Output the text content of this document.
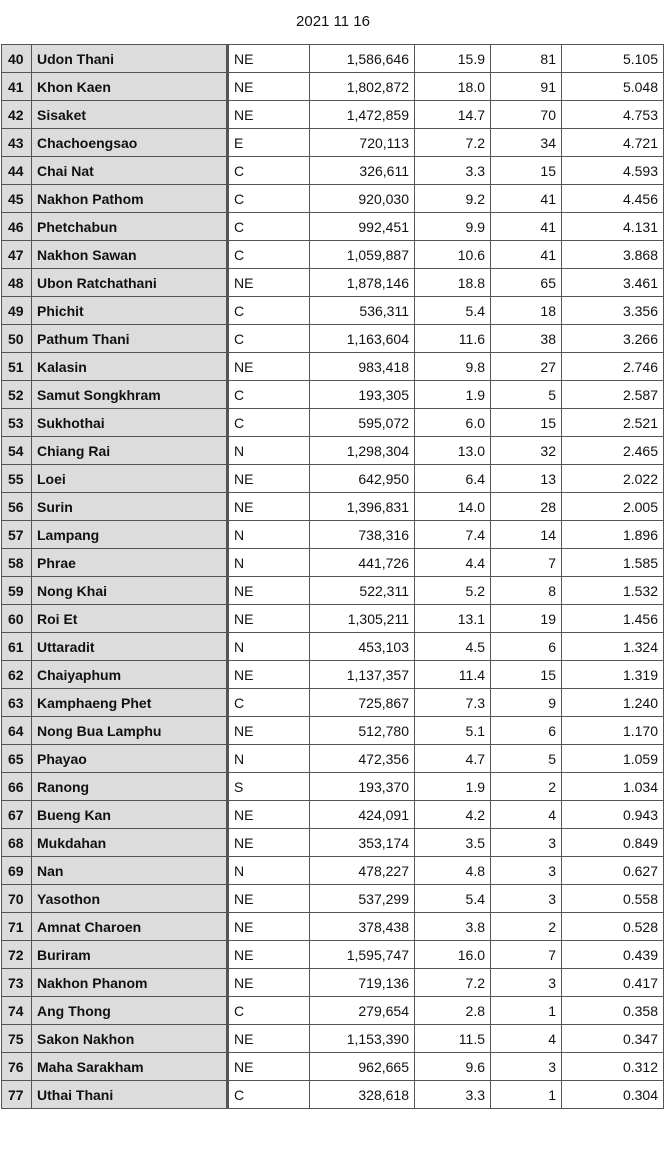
2021 11 16
40	Udon Thani	NE	1,586,646	15.9	81	5.105
41	Khon Kaen	NE	1,802,872	18.0	91	5.048
42	Sisaket	NE	1,472,859	14.7	70	4.753
43	Chachoengsao	E	720,113	7.2	34	4.721
44	Chai Nat	C	326,611	3.3	15	4.593
45	Nakhon Pathom	C	920,030	9.2	41	4.456
46	Phetchabun	C	992,451	9.9	41	4.131
47	Nakhon Sawan	C	1,059,887	10.6	41	3.868
48	Ubon Ratchathani	NE	1,878,146	18.8	65	3.461
49	Phichit	C	536,311	5.4	18	3.356
50	Pathum Thani	C	1,163,604	11.6	38	3.266
51	Kalasin	NE	983,418	9.8	27	2.746
52	Samut Songkhram	C	193,305	1.9	5	2.587
53	Sukhothai	C	595,072	6.0	15	2.521
54	Chiang Rai	N	1,298,304	13.0	32	2.465
55	Loei	NE	642,950	6.4	13	2.022
56	Surin	NE	1,396,831	14.0	28	2.005
57	Lampang	N	738,316	7.4	14	1.896
58	Phrae	N	441,726	4.4	7	1.585
59	Nong Khai	NE	522,311	5.2	8	1.532
60	Roi Et	NE	1,305,211	13.1	19	1.456
61	Uttaradit	N	453,103	4.5	6	1.324
62	Chaiyaphum	NE	1,137,357	11.4	15	1.319
63	Kamphaeng Phet	C	725,867	7.3	9	1.240
64	Nong Bua Lamphu	NE	512,780	5.1	6	1.170
65	Phayao	N	472,356	4.7	5	1.059
66	Ranong	S	193,370	1.9	2	1.034
67	Bueng Kan	NE	424,091	4.2	4	0.943
68	Mukdahan	NE	353,174	3.5	3	0.849
69	Nan	N	478,227	4.8	3	0.627
70	Yasothon	NE	537,299	5.4	3	0.558
71	Amnat Charoen	NE	378,438	3.8	2	0.528
72	Buriram	NE	1,595,747	16.0	7	0.439
73	Nakhon Phanom	NE	719,136	7.2	3	0.417
74	Ang Thong	C	279,654	2.8	1	0.358
75	Sakon Nakhon	NE	1,153,390	11.5	4	0.347
76	Maha Sarakham	NE	962,665	9.6	3	0.312
77	Uthai Thani	C	328,618	3.3	1	0.304
